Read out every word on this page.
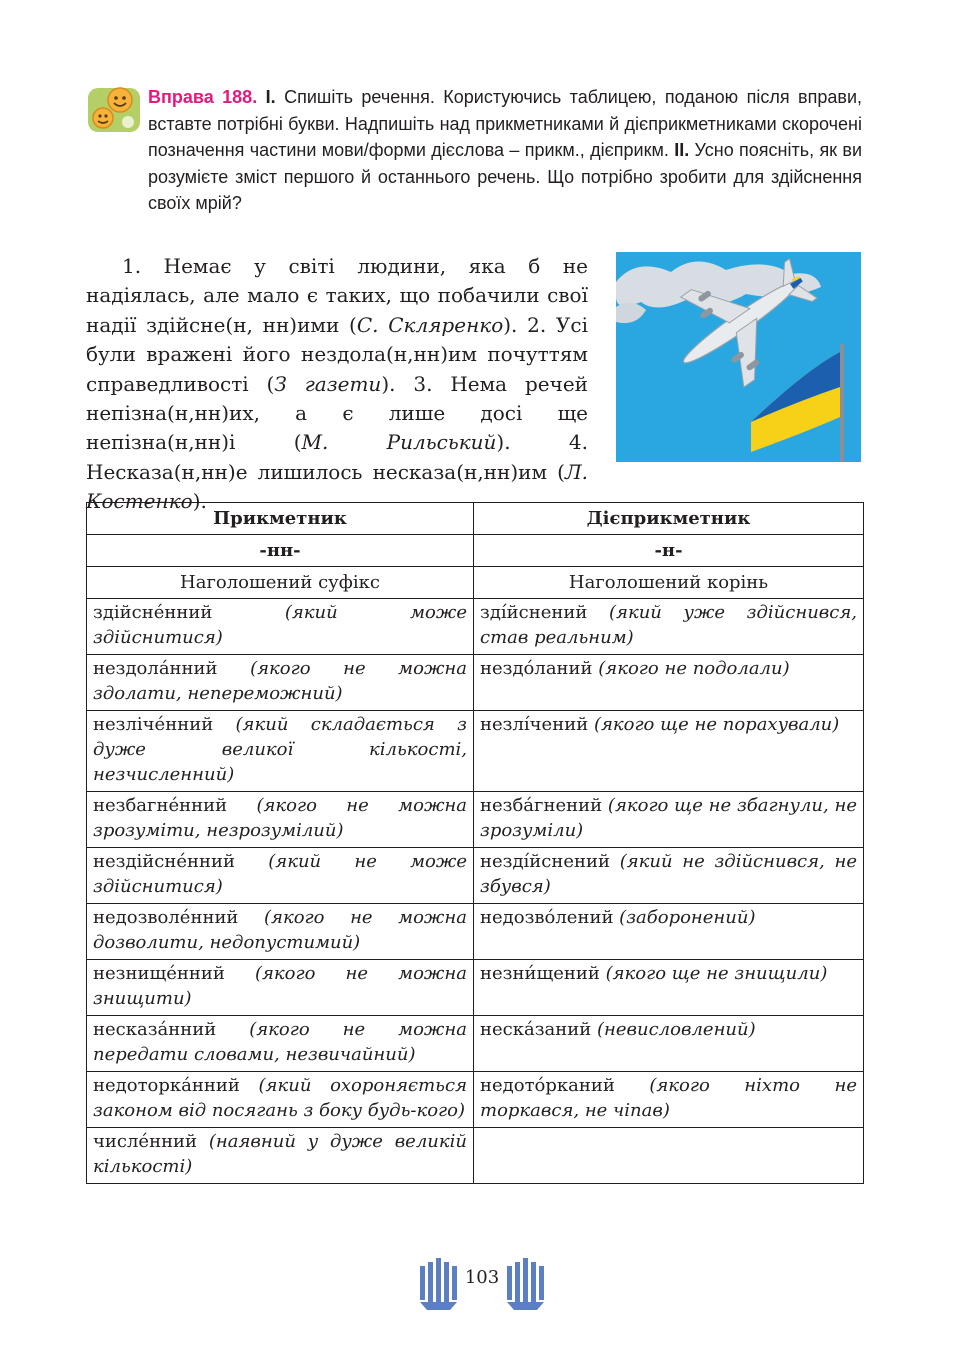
Вправа 188. I. Спишіть речення. Користуючись таблицею, поданою після вправи, вставте потрібні букви. Надпишіть над прикметниками й дієприкметниками скорочені позначення частини мови/форми дієслова – прикм., дієприкм. II. Усно поясніть, як ви розумієте зміст першого й останнього речень. Що потрібно зробити для здійснення своїх мрій?

1. Немає у світі людини, яка б не надіялась, але мало є таких, що побачили свої надії здійсне(н, нн)ими (С. Скляренко). 2. Усі були вражені його нездола(н,нн)им почуттям справедливості (З газети). 3. Нема речей непізна(н,нн)их, а є лише досі ще непізна(н,нн)і (М. Рильський). 4. Несказа(н,нн)е лишилось несказа(н,нн)им (Л. Костенко).

Прикметник	Дієприкметник
-нн-	-н-
Наголошений суфікс	Наголошений корінь
здійсне́нний (який може здійснитися)	здíйснений (який уже здійснився, став реальним)
нездола́нний (якого не можна здолати, непереможний)	нездо́ланий (якого не подолали)
незліче́нний (який складається з дуже великої кількості, незчисленний)	незлíчений (якого ще не порахували)
незбагне́нний (якого не можна зрозуміти, незрозумілий)	незбáгнений (якого ще не збагнули, не зрозуміли)
нездійсне́нний (який не може здійснитися)	нездíйснений (який не здійснився, не збувся)
недозволе́нний (якого не можна дозволити, недопустимий)	недозво́лений (заборонений)
незнище́нний (якого не можна знищити)	незни́щений (якого ще не знищили)
несказа́нний (якого не можна передати словами, незвичайний)	нескáзаний (невисловлений)
недоторка́нний (який охороняється законом від посягань з боку будь-кого)	недото́рканий (якого ніхто не торкався, не чіпав)
числе́нний (наявний у дуже великій кількості)	
103
